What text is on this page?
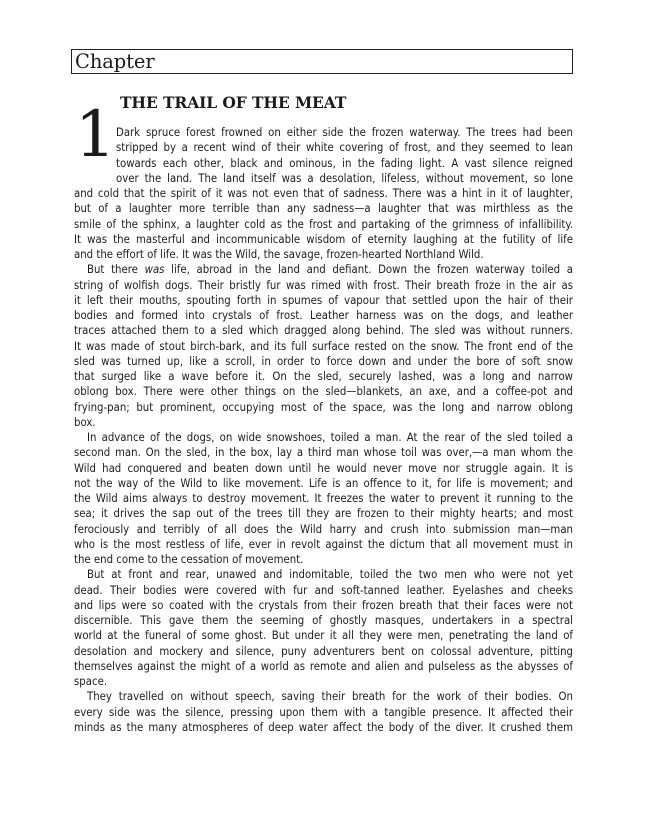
Chapter
1 THE TRAIL OF THE MEAT
Dark spruce forest frowned on either side the frozen waterway. The trees had been
stripped by a recent wind of their white covering of frost, and they seemed to lean
towards each other, black and ominous, in the fading light. A vast silence reigned
over the land. The land itself was a desolation, lifeless, without movement, so lone
and cold that the spirit of it was not even that of sadness. There was a hint in it of laughter,
but of a laughter more terrible than any sadness—a laughter that was mirthless as the
smile of the sphinx, a laughter cold as the frost and partaking of the grimness of infallibility.
It was the masterful and incommunicable wisdom of eternity laughing at the futility of life
and the effort of life. It was the Wild, the savage, frozen-hearted Northland Wild.
But there was life, abroad in the land and defiant. Down the frozen waterway toiled a
string of wolfish dogs. Their bristly fur was rimed with frost. Their breath froze in the air as
it left their mouths, spouting forth in spumes of vapour that settled upon the hair of their
bodies and formed into crystals of frost. Leather harness was on the dogs, and leather
traces attached them to a sled which dragged along behind. The sled was without runners.
It was made of stout birch-bark, and its full surface rested on the snow. The front end of the
sled was turned up, like a scroll, in order to force down and under the bore of soft snow
that surged like a wave before it. On the sled, securely lashed, was a long and narrow
oblong box. There were other things on the sled—blankets, an axe, and a coffee-pot and
frying-pan; but prominent, occupying most of the space, was the long and narrow oblong
box.
In advance of the dogs, on wide snowshoes, toiled a man. At the rear of the sled toiled a
second man. On the sled, in the box, lay a third man whose toil was over,—a man whom the
Wild had conquered and beaten down until he would never move nor struggle again. It is
not the way of the Wild to like movement. Life is an offence to it, for life is movement; and
the Wild aims always to destroy movement. It freezes the water to prevent it running to the
sea; it drives the sap out of the trees till they are frozen to their mighty hearts; and most
ferociously and terribly of all does the Wild harry and crush into submission man—man
who is the most restless of life, ever in revolt against the dictum that all movement must in
the end come to the cessation of movement.
But at front and rear, unawed and indomitable, toiled the two men who were not yet
dead. Their bodies were covered with fur and soft-tanned leather. Eyelashes and cheeks
and lips were so coated with the crystals from their frozen breath that their faces were not
discernible. This gave them the seeming of ghostly masques, undertakers in a spectral
world at the funeral of some ghost. But under it all they were men, penetrating the land of
desolation and mockery and silence, puny adventurers bent on colossal adventure, pitting
themselves against the might of a world as remote and alien and pulseless as the abysses of
space.
They travelled on without speech, saving their breath for the work of their bodies. On
every side was the silence, pressing upon them with a tangible presence. It affected their
minds as the many atmospheres of deep water affect the body of the diver. It crushed them
